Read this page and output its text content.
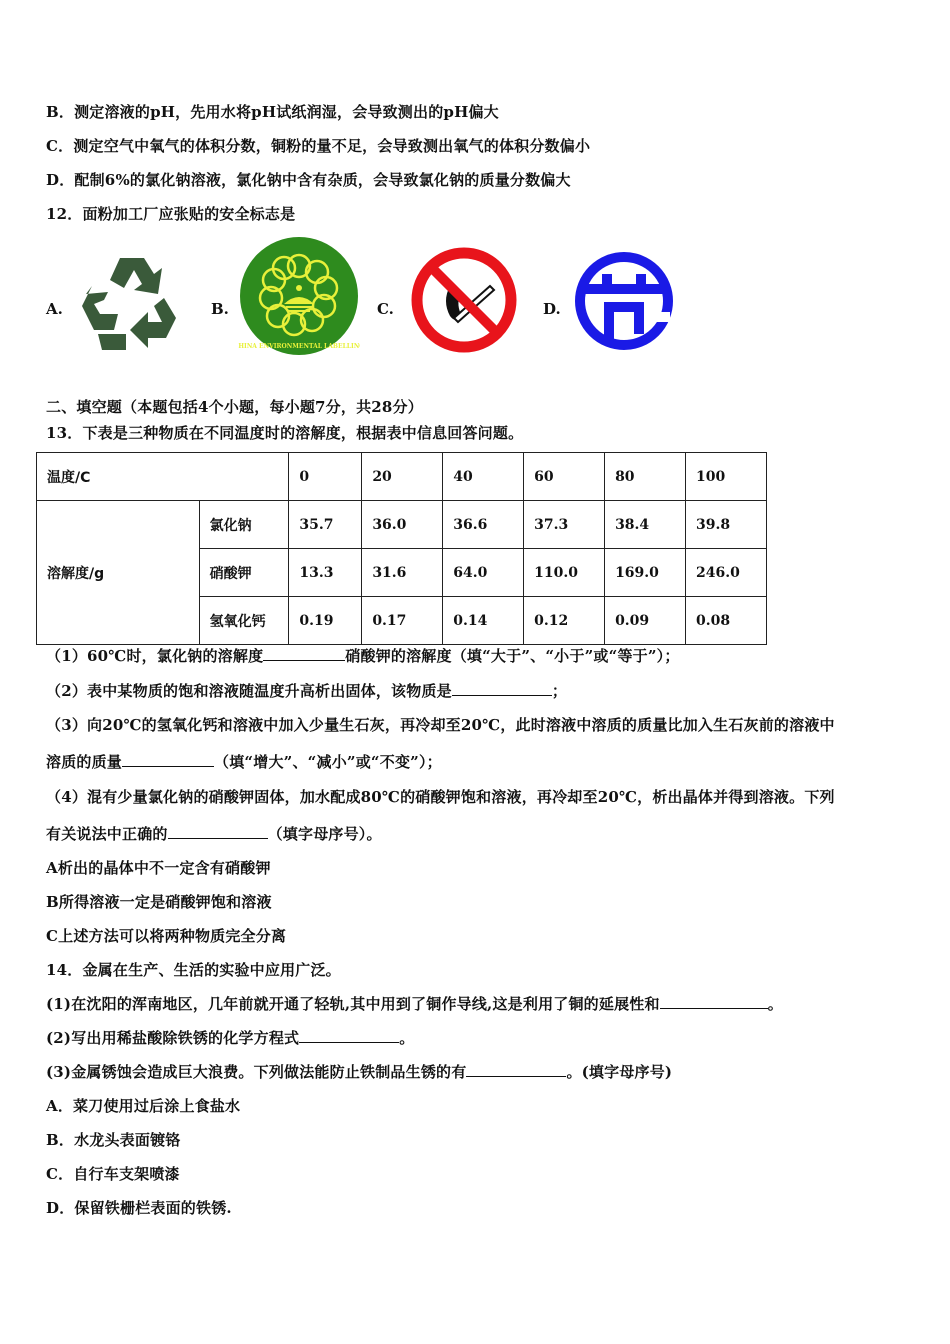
B．测定溶液的pH，先用水将pH试纸润湿，会导致测出的pH偏大
C．测定空气中氧气的体积分数，铜粉的量不足，会导致测出氧气的体积分数偏小
D．配制6%的氯化钠溶液，氯化钠中含有杂质，会导致氯化钠的质量分数偏大
12．面粉加工厂应张贴的安全标志是
A.	B.
CHINA ENVIRONMENTAL LABELLING
C.	D.
二、填空题（本题包括4个小题，每小题7分，共28分）
13．下表是三种物质在不同温度时的溶解度，根据表中信息回答问题。
温度/C		0	20	40	60	80	100
溶解度/g	氯化钠	35.7	36.0	36.6	37.3	38.4	39.8
	硝酸钾	13.3	31.6	64.0	110.0	169.0	246.0
	氢氧化钙	0.19	0.17	0.14	0.12	0.09	0.08
（1）60℃时，氯化钠的溶解度	硝酸钾的溶解度（填“大于”、“小于”或“等于”）；
（2）表中某物质的饱和溶液随温度升高析出固体，该物质是	；
（3）向20℃的氢氧化钙和溶液中加入少量生石灰，再冷却至20℃，此时溶液中溶质的质量比加入生石灰前的溶液中
溶质的质量	（填“增大”、“减小”或“不变”）；
（4）混有少量氯化钠的硝酸钾固体，加水配成80℃的硝酸钾饱和溶液，再冷却至20℃，析出晶体并得到溶液。下列
有关说法中正确的	（填字母序号）。
A析出的晶体中不一定含有硝酸钾
B所得溶液一定是硝酸钾饱和溶液
C上述方法可以将两种物质完全分离
14．金属在生产、生活的实验中应用广泛。
(1)在沈阳的浑南地区，几年前就开通了轻轨,其中用到了铜作导线,这是利用了铜的延展性和	。
(2)写出用稀盐酸除铁锈的化学方程式	。
(3)金属锈蚀会造成巨大浪费。下列做法能防止铁制品生锈的有	。(填字母序号)
A．菜刀使用过后涂上食盐水
B．水龙头表面镀铬
C．自行车支架喷漆
D．保留铁栅栏表面的铁锈.
